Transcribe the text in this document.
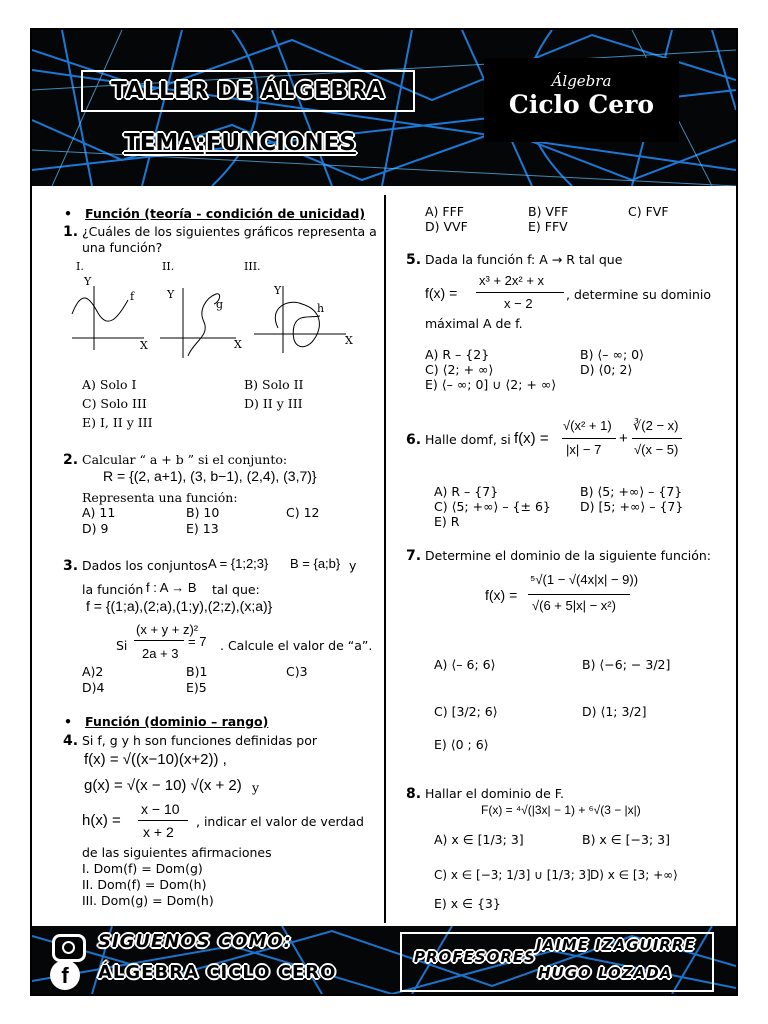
TALLER DE ÁLGEBRA
TEMA:FUNCIONES
Álgebra
Ciclo Cero
•   Función (teoría - condición de unicidad)
1. ¿Cuáles de los siguientes gráficos representa a
una función?
I.	II.	III.
Y
X
f	Y
X
g
Y
X
h
A) Solo I	B) Solo II
C) Solo III	D) II y III
E) I, II y III
2. Calcular “ a + b ” si el conjunto:
R = {(2, a+1), (3, b−1), (2,4), (3,7)}
Representa una función:
A) 11	B) 10	C) 12
D) 9	E) 13
3. Dados los conjuntos A = {1;2;3} B = {a;b} y
la función f : A → B tal que:
f = {(1;a),(2;a),(1;y),(2;z),(x;a)}
Si
(x + y + z)²
2a + 3
= 7 . Calcule el valor de “a”.
A)2	B)1	C)3
D)4	E)5
•   Función (dominio – rango)
4. Si f, g y h son funciones definidas por
f(x) = √((x−10)(x+2)) ,
g(x) = √(x − 10) √(x + 2) y
h(x) =
x − 10
x + 2
, indicar el valor de verdad
de las siguientes afirmaciones
I. Dom(f) = Dom(g)
II. Dom(f) = Dom(h)
III. Dom(g) = Dom(h)
A) FFF	B) VFF	C) FVF
D) VVF	E) FFV
5. Dada la función f: A → R tal que
f(x) =
x³ + 2x² + x
x − 2
, determine su dominio
máximal A de f.
A) R – {2}	B) ⟨– ∞; 0⟩
C) ⟨2; + ∞⟩	D) ⟨0; 2⟩
E) ⟨– ∞; 0] ∪ ⟨2; + ∞⟩
6. Halle domf, si f(x) =
√(x² + 1)
|x| − 7
+
∛(2 − x)
√(x − 5)
A) R – {7}	B) ⟨5; +∞⟩ – {7}
C) ⟨5; +∞⟩ – {± 6} D) [5; +∞⟩ – {7}
E) R
7. Determine el dominio de la siguiente función:
f(x) =
⁵√(1 − √(4x|x| − 9))
√(6 + 5|x| − x²)
A) ⟨– 6; 6⟩	B) ⟨−6; − 3/2]
C) [3/2; 6⟩	D) ⟨1; 3/2]
E) ⟨0 ; 6⟩
8. Hallar el dominio de F.
F(x) = ⁴√(|3x| − 1) + ⁶√(3 − |x|)
A) x ∈ [1/3; 3]	B) x ∈ [−3; 3]
C) x ∈ [−3; 1/3] ∪ [1/3; 3] D) x ∈ [3; +∞⟩
E) x ∈ {3}
f
SIGUENOS COMO:
ÁLGEBRA CICLO CERO
PROFESORES
JAIME IZAGUIRRE
HUGO LOZADA
